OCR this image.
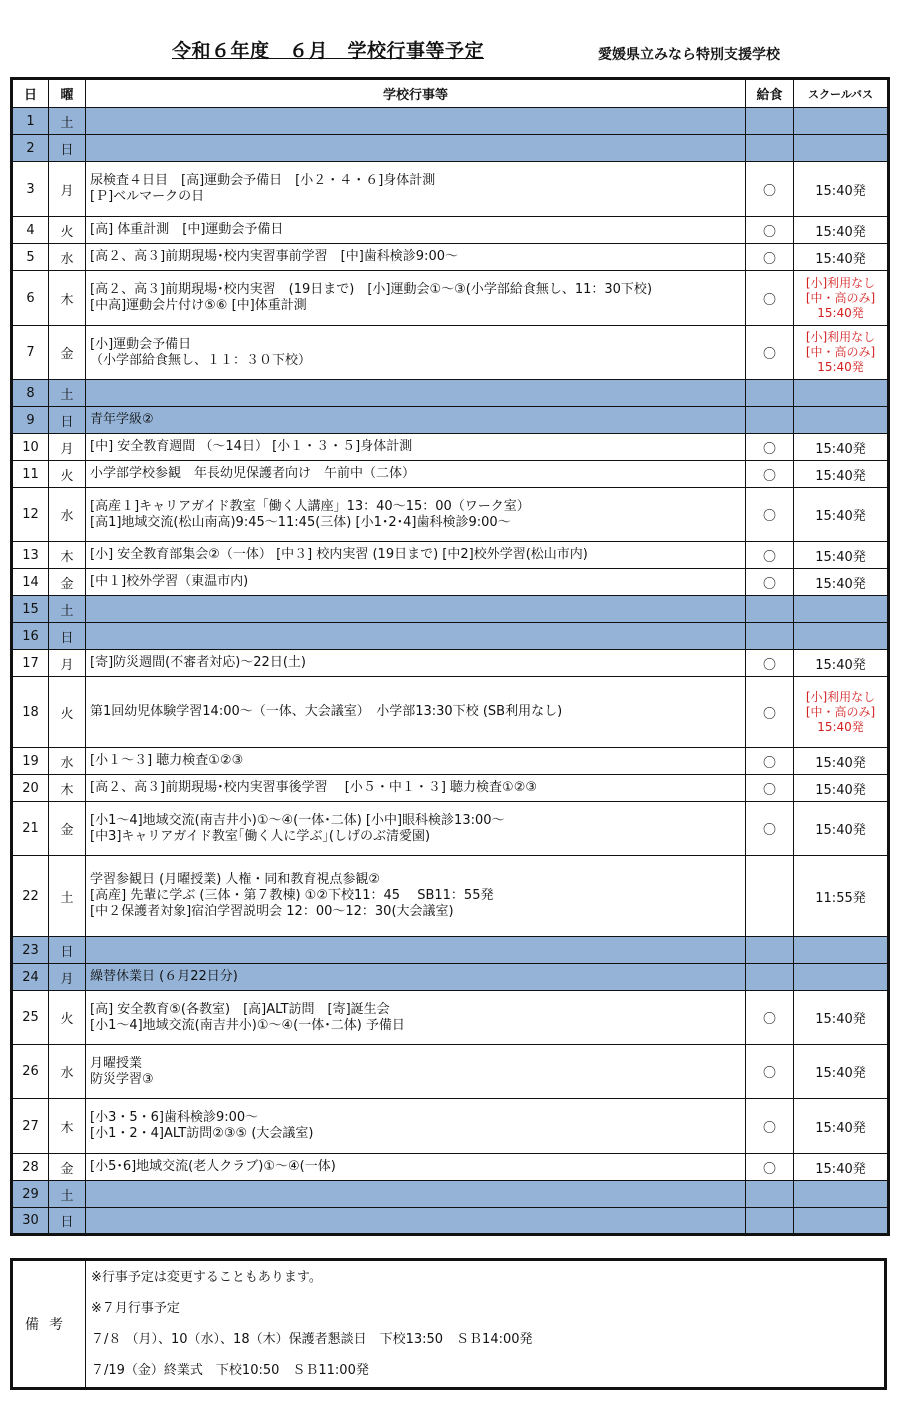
令和６年度　６月　学校行事等予定	愛媛県立みなら特別支援学校
日	曜	学校行事等	給食	スクールバス
1	土			
2	日			
3	月	尿検査４日目　[高]運動会予備日　[小２・４・６]身体計測
[Ｐ]ベルマークの日	〇	15:40発

4	火	[高] 体重計測　[中]運動会予備日	〇	15:40発

5	水	[高２、高３]前期現場･校内実習事前学習　[中]歯科検診9:00～	〇	15:40発

6	木	[高２、高３]前期現場･校内実習　(19日まで)　[小]運動会①～③(小学部給食無し、11：30下校)
[中高]運動会片付け⑤⑥ [中]体重計測	〇	[小]利用なし
[中・高のみ]
15:40発

7	金	[小]運動会予備日
（小学部給食無し、１１：３０下校）	〇	[小]利用なし
[中・高のみ]
15:40発

8	土			
9	日	青年学級②		

10	月	[中] 安全教育週間 （～14日） [小１・３・５]身体計測	〇	15:40発

11	火	小学部学校参観　年長幼児保護者向け　午前中（二体）	〇	15:40発

12	水	[高産１]キャリアガイド教室「働く人講座」13：40～15：00（ワーク室）
[高1]地域交流(松山南高)9:45～11:45(三体) [小1･2･4]歯科検診9:00～	〇	15:40発

13	木	[小] 安全教育部集会②（一体） [中３] 校内実習 (19日まで) [中2]校外学習(松山市内)	〇	15:40発

14	金	[中１]校外学習（東温市内)	〇	15:40発

15	土			
16	日			
17	月	[寄]防災週間(不審者対応)～22日(土)	〇	15:40発

18	火	第1回幼児体験学習14:00～（一体、大会議室）　小学部13:30下校 (SB利用なし)	〇	[小]利用なし
[中・高のみ]
15:40発

19	水	[小１～３] 聴力検査①②③	〇	15:40発

20	木	[高２、高３]前期現場･校内実習事後学習　 [小５・中１・３] 聴力検査①②③	〇	15:40発

21	金	[小1～4]地域交流(南吉井小)①～④(一体･二体) [小中]眼科検診13:00～
[中3]キャリアガイド教室｢働く人に学ぶ｣(しげのぶ清愛園)	〇	15:40発

22	土	学習参観日 (月曜授業) 人権・同和教育視点参観②
[高産] 先輩に学ぶ (三体・第７教棟) ①②下校11：45　 SB11：55発
[中２保護者対象]宿泊学習説明会 12：00～12：30(大会議室)		11:55発

23	日			
24	月	繰替休業日 (６月22日分)		

25	火	[高] 安全教育⑤(各教室)　[高]ALT訪問　[寄]誕生会
[小1～4]地域交流(南吉井小)①～④(一体･二体) 予備日	〇	15:40発

26	水	月曜授業
防災学習③	〇	15:40発

27	木	[小3・5・6]歯科検診9:00～
[小1・2・4]ALT訪問②③⑤ (大会議室)	〇	15:40発

28	金	[小5･6]地域交流(老人クラブ)①～④(一体)	〇	15:40発

29	土			
30	日			
備考	
※行事予定は変更することもあります。
※７月行事予定
７/８ （月）、10（水）、18（木）保護者懇談日　下校13:50　ＳＢ14:00発
７/19（金）終業式　下校10:50　ＳＢ11:00発
